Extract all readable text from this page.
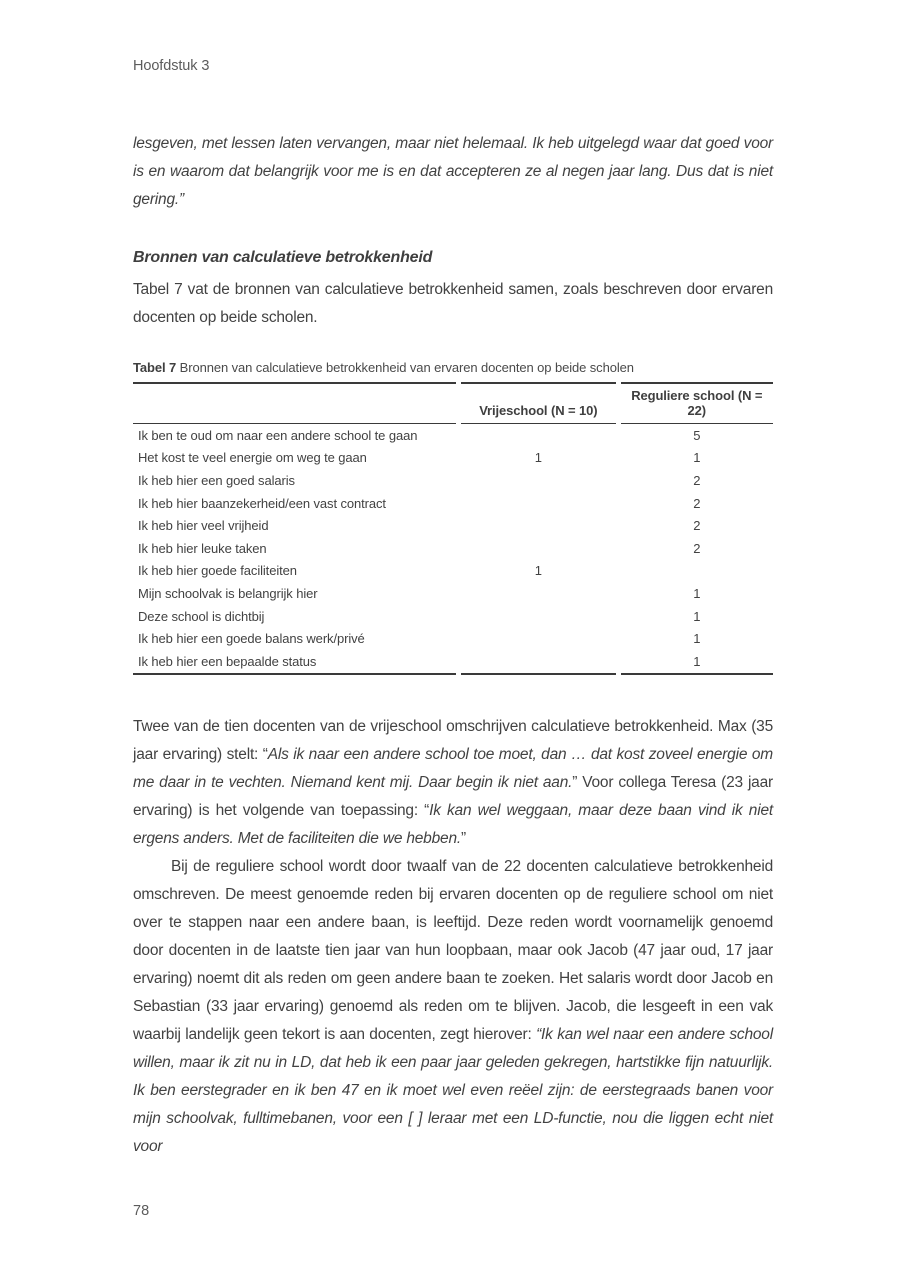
Hoofdstuk 3

lesgeven, met lessen laten vervangen, maar niet helemaal. Ik heb uitgelegd waar dat goed voor is en waarom dat belangrijk voor me is en dat accepteren ze al negen jaar lang. Dus dat is niet gering.”

Bronnen van calculatieve betrokkenheid

Tabel 7 vat de bronnen van calculatieve betrokkenheid samen, zoals beschreven door ervaren docenten op beide scholen.

Tabel 7 Bronnen van calculatieve betrokkenheid van ervaren docenten op beide scholen
	Vrijeschool (N = 10)	Reguliere school (N = 22)
Ik ben te oud om naar een andere school te gaan		5
Het kost te veel energie om weg te gaan	1	1
Ik heb hier een goed salaris		2
Ik heb hier baanzekerheid/een vast contract		2
Ik heb hier veel vrijheid		2
Ik heb hier leuke taken		2
Ik heb hier goede faciliteiten	1	
Mijn schoolvak is belangrijk hier		1
Deze school is dichtbij		1
Ik heb hier een goede balans werk/privé		1
Ik heb hier een bepaalde status		1

Twee van de tien docenten van de vrijeschool omschrijven calculatieve betrokkenheid. Max (35 jaar ervaring) stelt: “Als ik naar een andere school toe moet, dan … dat kost zoveel energie om me daar in te vechten. Niemand kent mij. Daar begin ik niet aan.” Voor collega Teresa (23 jaar ervaring) is het volgende van toepassing: “Ik kan wel weggaan, maar deze baan vind ik niet ergens anders. Met de faciliteiten die we hebben.”

Bij de reguliere school wordt door twaalf van de 22 docenten calculatieve betrokkenheid omschreven. De meest genoemde reden bij ervaren docenten op de reguliere school om niet over te stappen naar een andere baan, is leeftijd. Deze reden wordt voornamelijk genoemd door docenten in de laatste tien jaar van hun loopbaan, maar ook Jacob (47 jaar oud, 17 jaar ervaring) noemt dit als reden om geen andere baan te zoeken. Het salaris wordt door Jacob en Sebastian (33 jaar ervaring) genoemd als reden om te blijven. Jacob, die lesgeeft in een vak waarbij landelijk geen tekort is aan docenten, zegt hierover: “Ik kan wel naar een andere school willen, maar ik zit nu in LD, dat heb ik een paar jaar geleden gekregen, hartstikke fijn natuurlijk. Ik ben eerstegrader en ik ben 47 en ik moet wel even reëel zijn: de eerstegraads banen voor mijn schoolvak, fulltimebanen, voor een [ ] leraar met een LD-functie, nou die liggen echt niet voor

78
